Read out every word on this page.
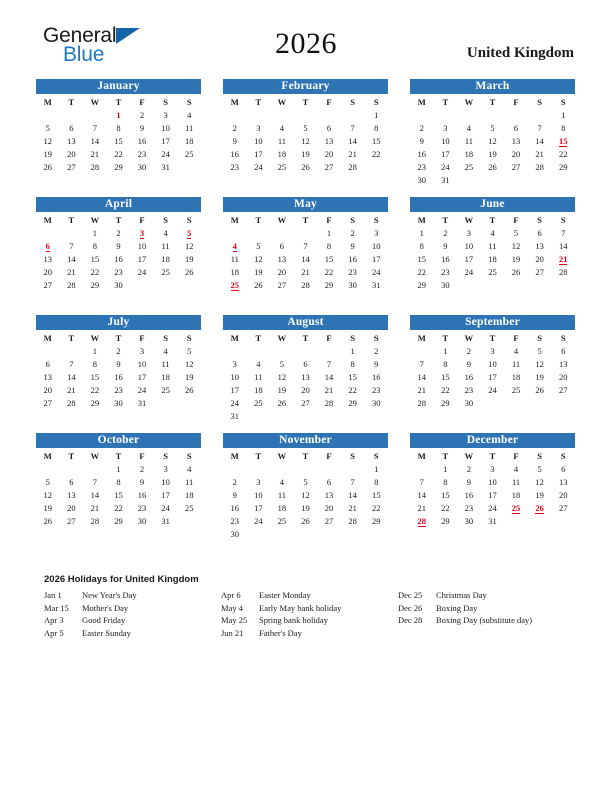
General
Blue	2026	United Kingdom
January
M	T	W	T	F	S	S
			1	2	3	4
5	6	7	8	9	10	11
12	13	14	15	16	17	18
19	20	21	22	23	24	25
26	27	28	29	30	31	

February
M	T	W	T	F	S	S
						1
2	3	4	5	6	7	8
9	10	11	12	13	14	15
16	17	18	19	20	21	22
23	24	25	26	27	28	

March
M	T	W	T	F	S	S
						1
2	3	4	5	6	7	8
9	10	11	12	13	14	15
16	17	18	19	20	21	22
23	24	25	26	27	28	29
30	31					
April
M	T	W	T	F	S	S
		1	2	3	4	5
6	7	8	9	10	11	12
13	14	15	16	17	18	19
20	21	22	23	24	25	26
27	28	29	30			

May
M	T	W	T	F	S	S
				1	2	3
4	5	6	7	8	9	10
11	12	13	14	15	16	17
18	19	20	21	22	23	24
25	26	27	28	29	30	31

June
M	T	W	T	F	S	S
1	2	3	4	5	6	7
8	9	10	11	12	13	14
15	16	17	18	19	20	21
22	23	24	25	26	27	28
29	30					

July
M	T	W	T	F	S	S
		1	2	3	4	5
6	7	8	9	10	11	12
13	14	15	16	17	18	19
20	21	22	23	24	25	26
27	28	29	30	31		

August
M	T	W	T	F	S	S
					1	2
3	4	5	6	7	8	9
10	11	12	13	14	15	16
17	18	19	20	21	22	23
24	25	26	27	28	29	30
31						
September
M	T	W	T	F	S	S
	1	2	3	4	5	6
7	8	9	10	11	12	13
14	15	16	17	18	19	20
21	22	23	24	25	26	27
28	29	30				

October
M	T	W	T	F	S	S
			1	2	3	4
5	6	7	8	9	10	11
12	13	14	15	16	17	18
19	20	21	22	23	24	25
26	27	28	29	30	31	

November
M	T	W	T	F	S	S
						1
2	3	4	5	6	7	8
9	10	11	12	13	14	15
16	17	18	19	20	21	22
23	24	25	26	27	28	29
30						
December
M	T	W	T	F	S	S
	1	2	3	4	5	6
7	8	9	10	11	12	13
14	15	16	17	18	19	20
21	22	23	24	25	26	27
28	29	30	31			

2026 Holidays for United Kingdom
Jan 1	New Year's Day
Mar 15	Mother's Day
Apr 3	Good Friday
Apr 5	Easter Sunday
Apr 6	Easter Monday
May 4	Early May bank holiday
May 25	Spring bank holiday
Jun 21	Father's Day
Dec 25	Christmas Day
Dec 26	Boxing Day
Dec 28	Boxing Day (substitute day)
